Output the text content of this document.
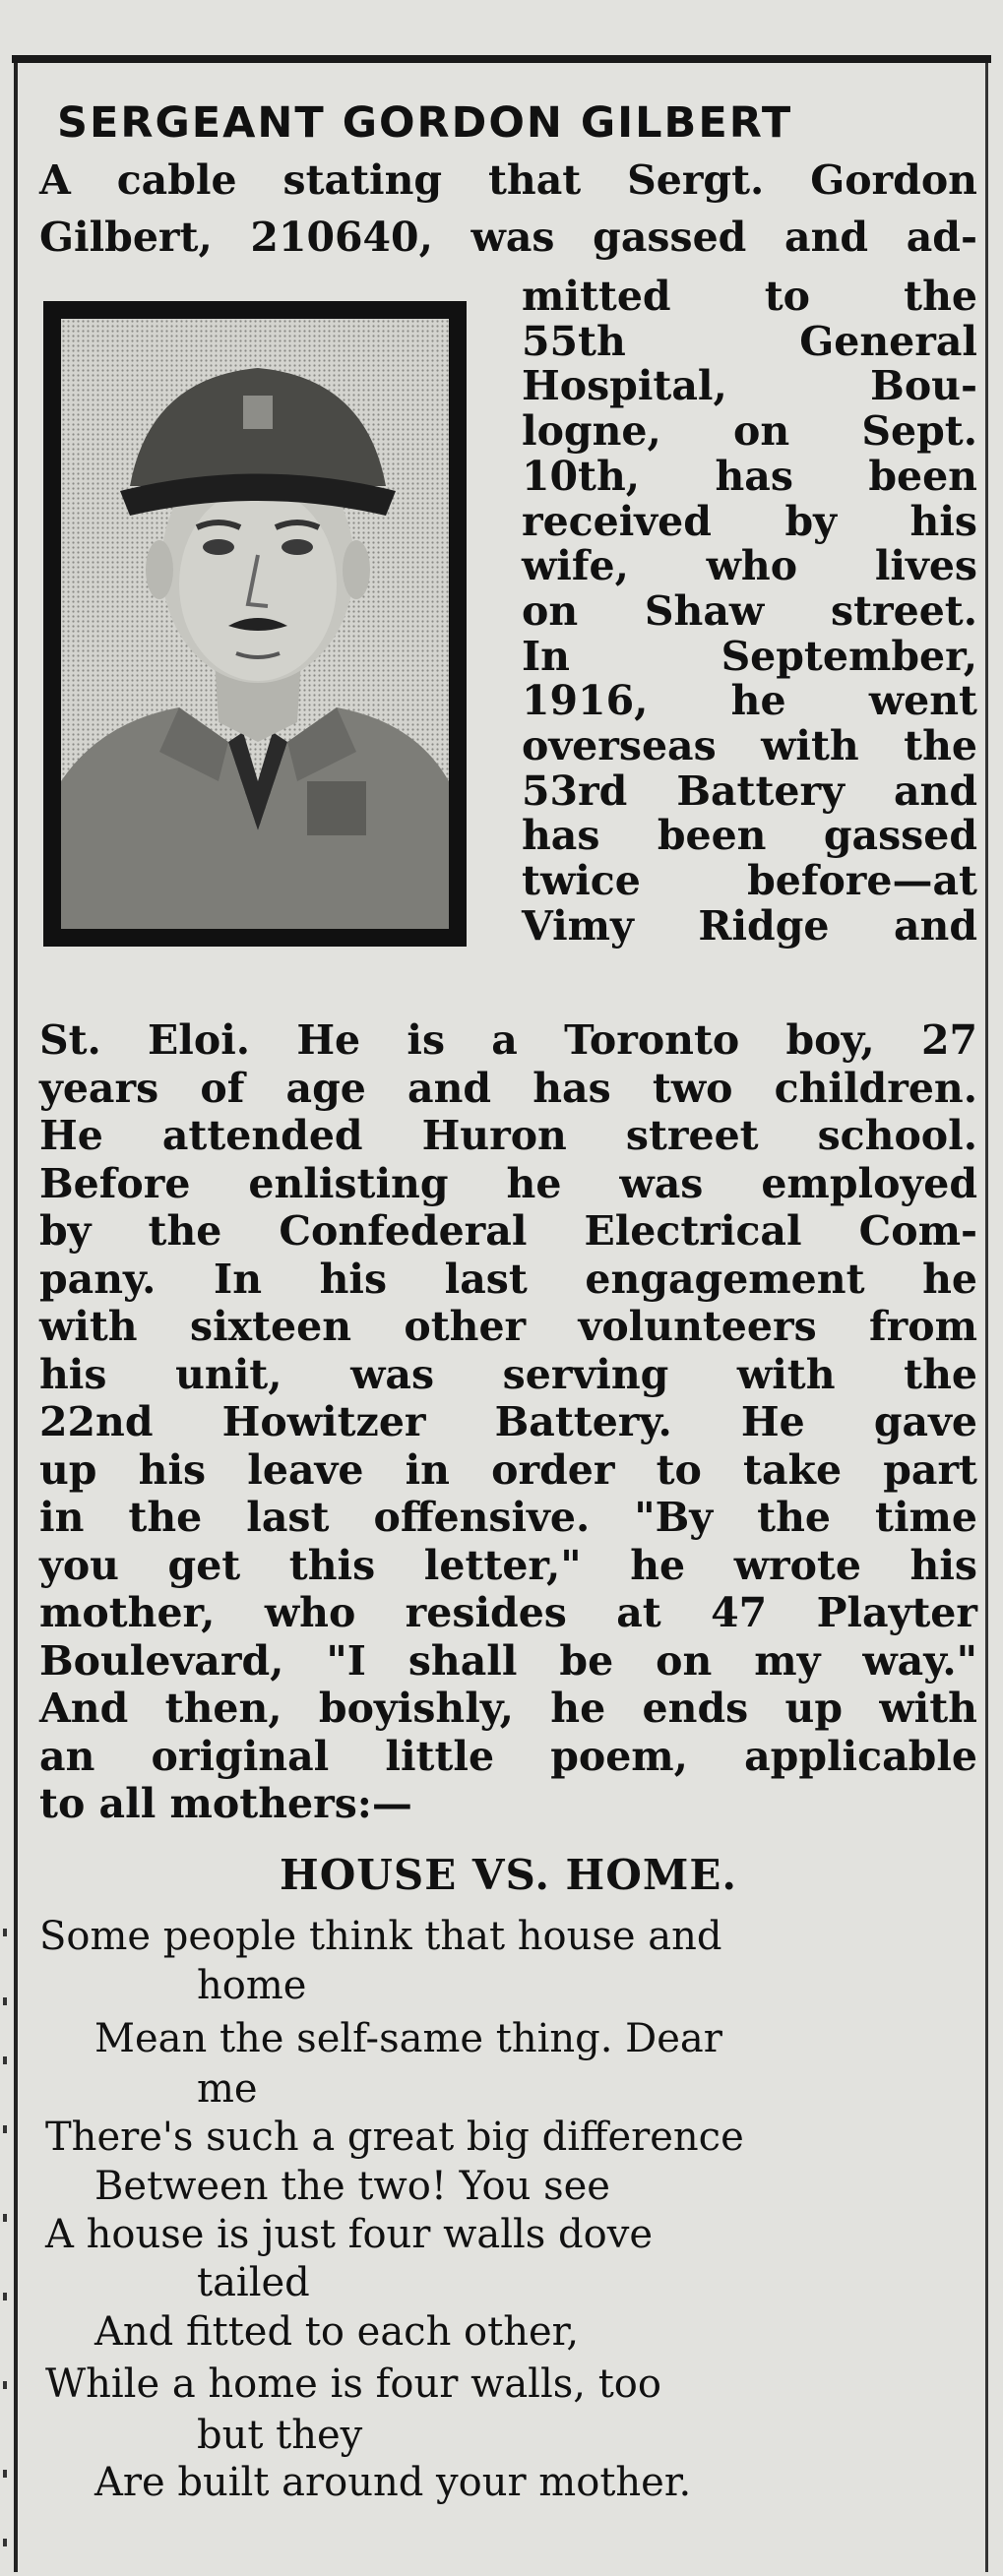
SERGEANT GORDON GILBERT
A cable stating that Sergt. Gordon
Gilbert, 210640, was gassed and ad-
mitted to the
55th General
Hospital, Bou-
logne, on Sept.
10th, has been
received by his
wife, who lives
on Shaw street.
In September,
1916, he went
overseas with the
53rd Battery and
has been gassed
twice before—at
Vimy Ridge and
St. Eloi. He is a Toronto boy, 27
years of age and has two children.
He attended Huron street school.
Before enlisting he was employed
by the Confederal Electrical Com-
pany. In his last engagement he
with sixteen other volunteers from
his unit, was serving with the
22nd Howitzer Battery. He gave
up his leave in order to take part
in the last offensive. "By the time
you get this letter," he wrote his
mother, who resides at 47 Playter
Boulevard, "I shall be on my way."
And then, boyishly, he ends up with
an original little poem, applicable
to all mothers:—
HOUSE VS. HOME.
Some people think that house and
home
Mean the self-same thing. Dear
me
There's such a great big difference
Between the two! You see
A house is just four walls dove
tailed
And fitted to each other,
While a home is four walls, too
but they
Are built around your mother.
